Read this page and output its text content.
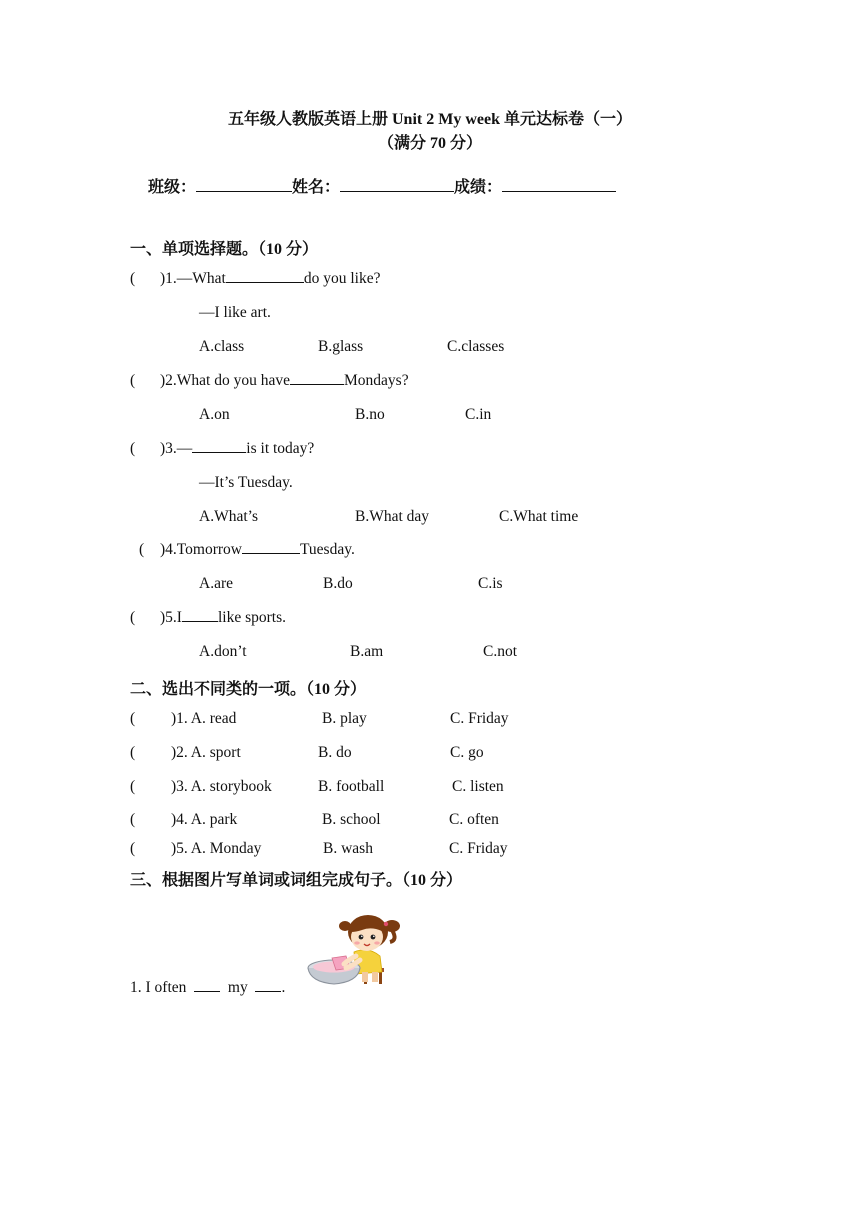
五年级人教版英语上册 Unit 2 My week 单元达标卷（一）
（满分 70 分）
班级：	姓名：	成绩：
一、单项选择题。（10 分）
( )1.—What	do you like?
—I like art.
A.class	B.glass	C.classes
( )2.What do you have	Mondays?
A.on	B.no	C.in
( )3.—	is it today?
—It’s Tuesday.
A.What’s	B.What day	C.What time
( )4.Tomorrow	Tuesday.
A.are	B.do	C.is
( )5.I like sports.
A.don’t	B.am	C.not
二、选出不同类的一项。（10 分）
( )1. A. read	B. play	C. Friday
( )2. A. sport	B. do	C. go
( )3. A. storybook	B. football	C. listen
( )4. A. park	B. school	C. often
( )5. A. Monday	B. wash	C. Friday
三、根据图片写单词或词组完成句子。（10 分）
1. I often	my .
